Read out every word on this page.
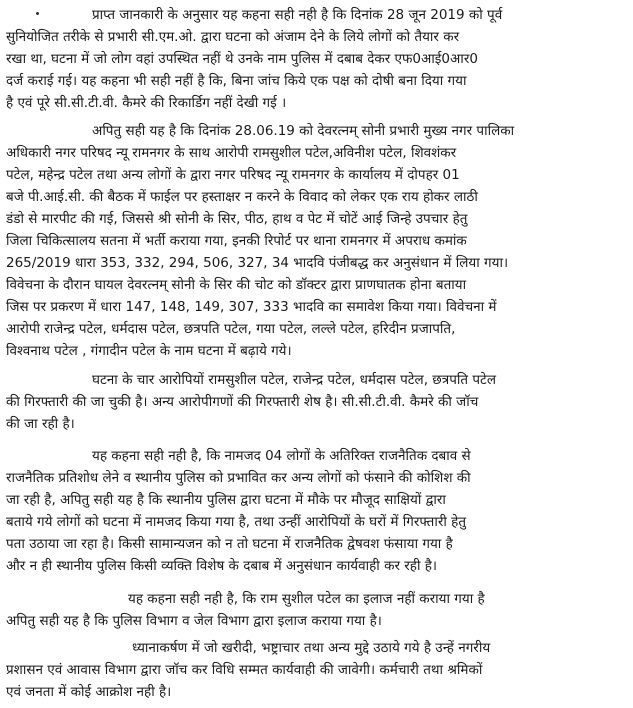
प्राप्त जानकारी के अनुसार यह कहना सही नही है कि दिनांक 28 जून 2019 को पूर्व
सुनियोजित तरीके से प्रभारी सी.एम.ओ. द्वारा घटना को अंजाम देने के लिये लोगों को तैयार कर
रखा था, घटना में जो लोग वहां उपस्थित नहीं थे उनके नाम पुलिस में दबाब देकर एफ0आई0आर0
दर्ज कराई गई। यह कहना भी सही नहीं है कि, बिना जांच किये एक पक्ष को दोषी बना दिया गया
है एवं पूरे सी.सी.टी.वी. कैमरे की रिकार्डिग नहीं देखी गई ।
अपितु सही यह है कि दिनांक 28.06.19 को देवरत्नम् सोनी प्रभारी मुख्य नगर पालिका
अधिकारी नगर परिषद न्यू रामनगर के साथ आरोपी रामसुशील पटेल,अविनीश पटेल, शिवशंकर
पटेल, महेन्द्र पटेल तथा अन्य लोगों के द्वारा नगर परिषद न्यू रामनगर के कार्यालय में दोपहर 01
बजे पी.आई.सी. की बैठक में फाईल पर हस्ताक्षर न करने के विवाद को लेकर एक राय होकर लाठी
डंडो से मारपीट की गई, जिससे श्री सोनी के सिर, पीठ, हाथ व पेट में चोटें आई जिन्हे उपचार हेतु
जिला चिकित्सालय सतना में भर्ती कराया गया, इनकी रिपोर्ट पर थाना रामनगर में अपराध कमांक
265/2019 धारा 353, 332, 294, 506, 327, 34 भादवि पंजीबद्ध कर अनुसंधान में लिया गया।
विवेचना के दौरान घायल देवरत्नम् सोनी के सिर की चोट को डॉक्टर द्वारा प्राणघातक होना बताया
जिस पर प्रकरण में धारा 147, 148, 149, 307, 333 भादवि का समावेश किया गया। विवेचना में
आरोपी राजेन्द्र पटेल, धर्मदास पटेल, छत्रपति पटेल, गया पटेल, लल्ले पटेल, हरिदीन प्रजापति,
विश्वनाथ पटेल , गंगादीन पटेल के नाम घटना में बढ़ाये गये।
घटना के चार आरोपियों रामसुशील पटेल, राजेन्द्र पटेल, धर्मदास पटेल, छत्रपति पटेल
की गिरफ्तारी की जा चुकी है। अन्य आरोपीगणों की गिरफ्तारी शेष है। सी.सी.टी.वी. कैमरे की जॉच
की जा रही है।
यह कहना सही नही है, कि नामजद 04 लोगों के अतिरिक्त राजनैतिक दबाव से
राजनैतिक प्रतिशोध लेने व स्थानीय पुलिस को प्रभावित कर अन्य लोगों को फंसाने की कोशिश की
जा रही है, अपितु सही यह है कि स्थानीय पुलिस द्वारा घटना में मौके पर मौजूद साक्षियों द्वारा
बताये गये लोगों को घटना में नामजद किया गया है, तथा उन्हीं आरोपियों के घरों में गिरफ्तारी हेतु
पता उठाया जा रहा है। किसी सामान्यजन को न तो घटना में राजनैतिक द्वेषवश फंसाया गया है
और न ही स्थानीय पुलिस किसी व्यक्ति विशेष के दबाब में अनुसंधान कार्यवाही कर रही है।
यह कहना सही नही है, कि राम सुशील पटेल का इलाज नहीं कराया गया है
अपितु सही यह है कि पुलिस विभाग व जेल विभाग द्वारा इलाज कराया गया है।
ध्यानाकर्षण में जो खरीदी, भष्ट्राचार तथा अन्य मुद्दे उठाये गये है उन्हें नगरीय
प्रशासन एवं आवास विभाग द्वारा जॉच कर विधि सम्मत कार्यवाही की जावेगी। कर्मचारी तथा श्रमिकों
एवं जनता में कोई आक्रोश नही है।
